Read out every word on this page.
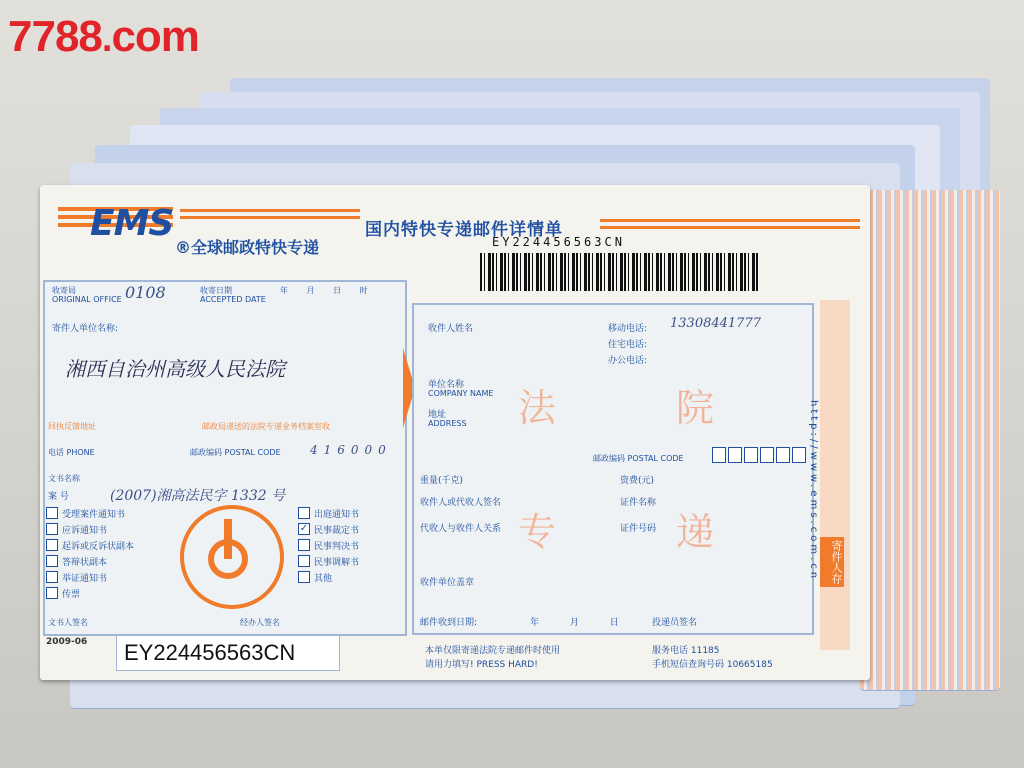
7788.com
EMS
®全球邮政特快专递
国内特快专递邮件详情单
EY224456563CN
收寄局
ORIGINAL OFFICE 0108	收寄日期
ACCEPTED DATE
年 月 日 时
寄件人单位名称:
湘西自治州高级人民法院
回执反馈地址	邮政局递送的法院专递业务档案室收
电话 PHONE	邮政编码 POSTAL CODE 416000
文书名称
案 号	(2007)湘高法民字 1332 号
受理案件通知书
应诉通知书
起诉或反诉状副本
答辩状副本
举证通知书
传票
出庭通知书
✓ 民事裁定书
民事判决书
民事调解书
其他
文书人签名	经办人签名
收件人姓名	移动电话: 13308441777
住宅电话:
办公电话:
单位名称
COMPANY NAME
地址
ADDRESS
邮政编码 POSTAL CODE
重量(千克)	资费(元)
收件人或代收人签名	证件名称
代收人与收件人关系	证件号码
收件单位盖章
邮件收到日期:	年 月 日 投递员签名
法	院
专	递	http://www.ems.com.cn	寄件人存
2009-06 EY224456563CN	本单仅限寄递法院专递邮件时使用
请用力填写! PRESS HARD!
服务电话 11185
手机短信查询号码 10665185
